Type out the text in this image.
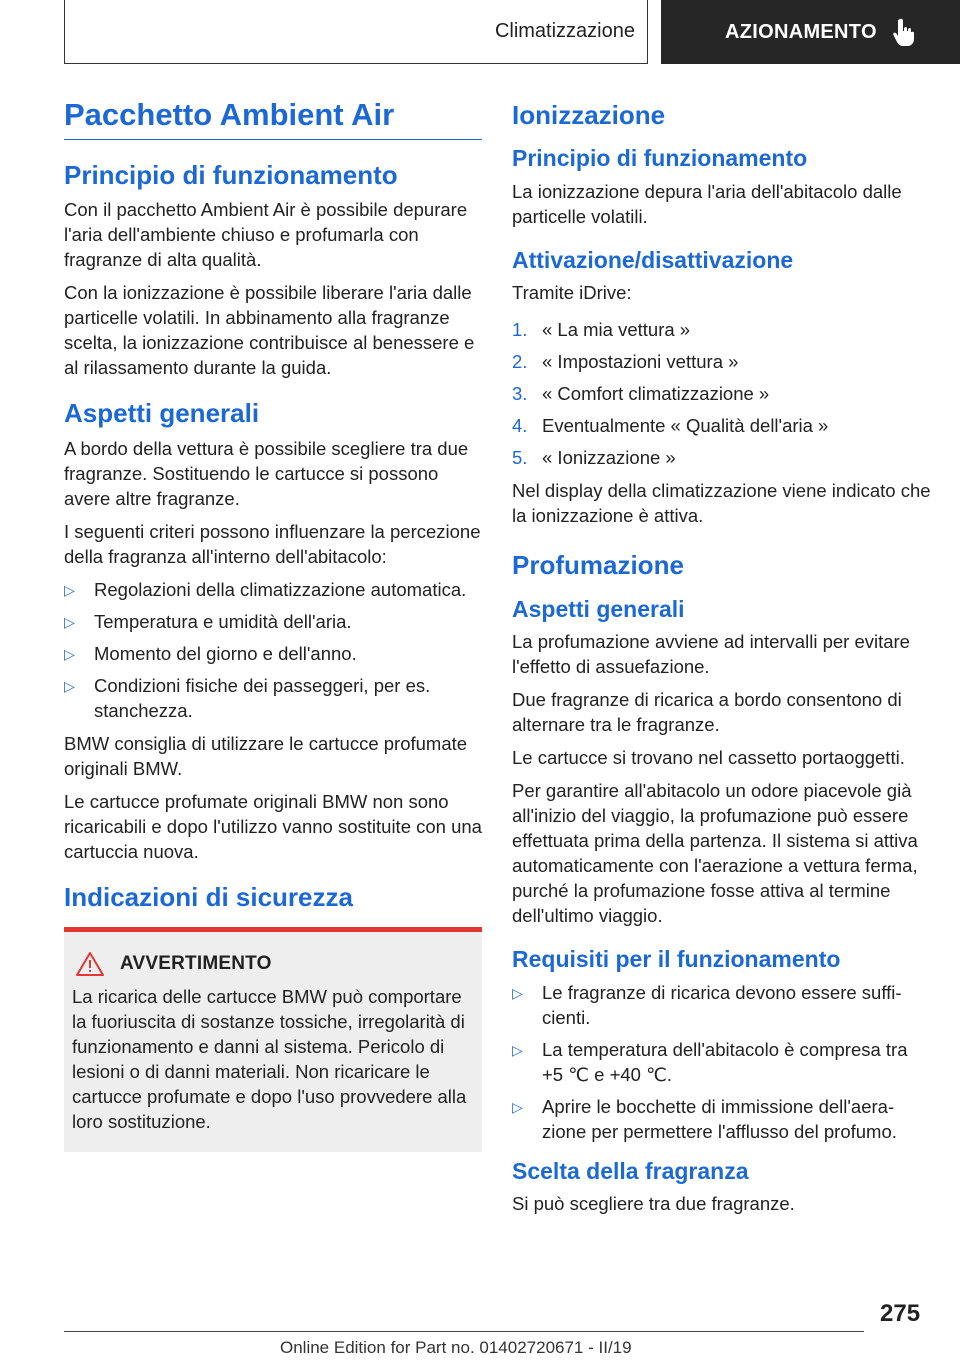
Climatizzazione	AZIONAMENTO
Pacchetto Ambient Air
Principio di funzionamento

Con il pacchetto Ambient Air è possibile depurare l'aria dell'ambiente chiuso e profumarla con fragranze di alta qualità.

Con la ionizzazione è possibile liberare l'aria dalle particelle volatili. In abbinamento alla fragranze scelta, la ionizzazione contribuisce al benessere e al rilassamento durante la guida.

Aspetti generali

A bordo della vettura è possibile scegliere tra due fragranze. Sostituendo le cartucce si possono avere altre fragranze.

I seguenti criteri possono influenzare la percezione della fragranza all'interno dell'abitacolo:

▷ Regolazioni della climatizzazione automatica.
▷ Temperatura e umidità dell'aria.
▷ Momento del giorno e dell'anno.
▷ Condizioni fisiche dei passeggeri, per es. stanchezza.

BMW consiglia di utilizzare le cartucce profumate originali BMW.

Le cartucce profumate originali BMW non sono ricaricabili e dopo l'utilizzo vanno sostituite con una cartuccia nuova.

Indicazioni di sicurezza
AVVERTIMENTO

La ricarica delle cartucce BMW può comportare la fuoriuscita di sostanze tossiche, irregolarità di funzionamento e danni al sistema. Pericolo di lesioni o di danni materiali. Non ricaricare le cartucce profumate e dopo l'uso provvedere alla loro sostituzione.

Ionizzazione
Principio di funzionamento

La ionizzazione depura l'aria dell'abitacolo dalle particelle volatili.

Attivazione/disattivazione

Tramite iDrive:

1. « La mia vettura »
2. « Impostazioni vettura »
3. « Comfort climatizzazione »
4. Eventualmente « Qualità dell'aria »
5. « Ionizzazione »

Nel display della climatizzazione viene indicato che la ionizzazione è attiva.

Profumazione
Aspetti generali

La profumazione avviene ad intervalli per evitare l'effetto di assuefazione.

Due fragranze di ricarica a bordo consentono di alternare tra le fragranze.

Le cartucce si trovano nel cassetto portaoggetti.

Per garantire all'abitacolo un odore piacevole già all'inizio del viaggio, la profumazione può essere effettuata prima della partenza. Il sistema si attiva automaticamente con l'aerazione a vettura ferma, purché la profumazione fosse attiva al termine dell'ultimo viaggio.

Requisiti per il funzionamento
▷ Le fragranze di ricarica devono essere sufficienti.
▷ La temperatura dell'abitacolo è compresa tra +5 ℃ e +40 ℃.
▷ Aprire le bocchette di immissione dell'aerazione per permettere l'afflusso del profumo.
Scelta della fragranza

Si può scegliere tra due fragranze.

275
Online Edition for Part no. 01402720671 - II/19
